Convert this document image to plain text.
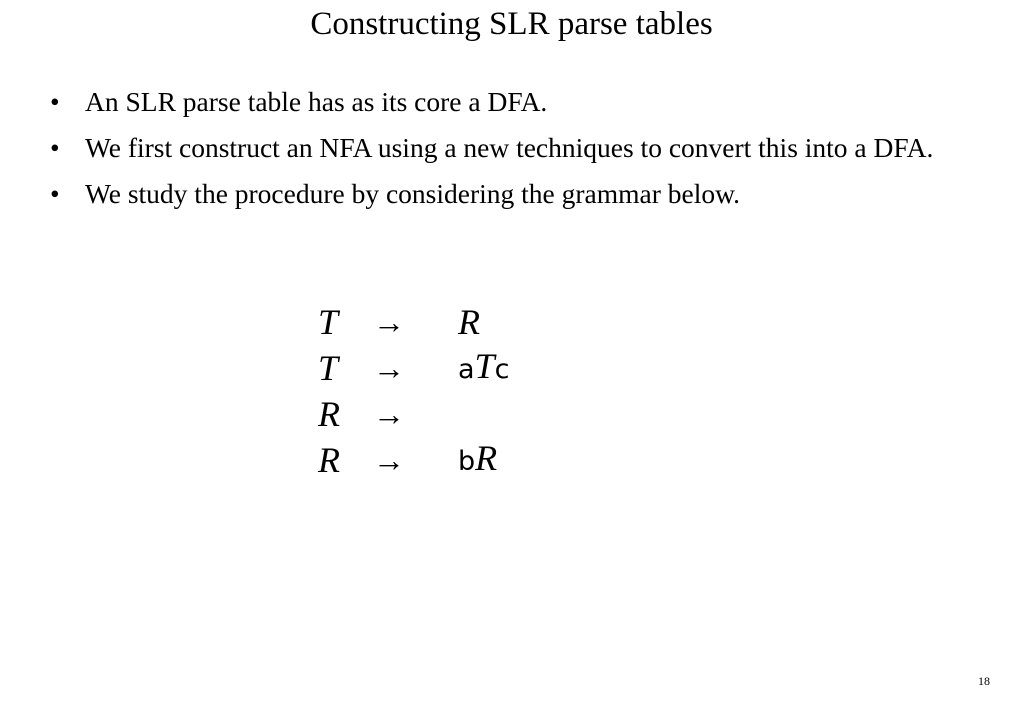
Constructing SLR parse tables
• An SLR parse table has as its core a DFA.
• We first construct an NFA using a new techniques to convert this into a DFA.
• We study the procedure by considering the grammar below.
T	→	R
T	→	aTc
R	→	
R	→	bR
18
